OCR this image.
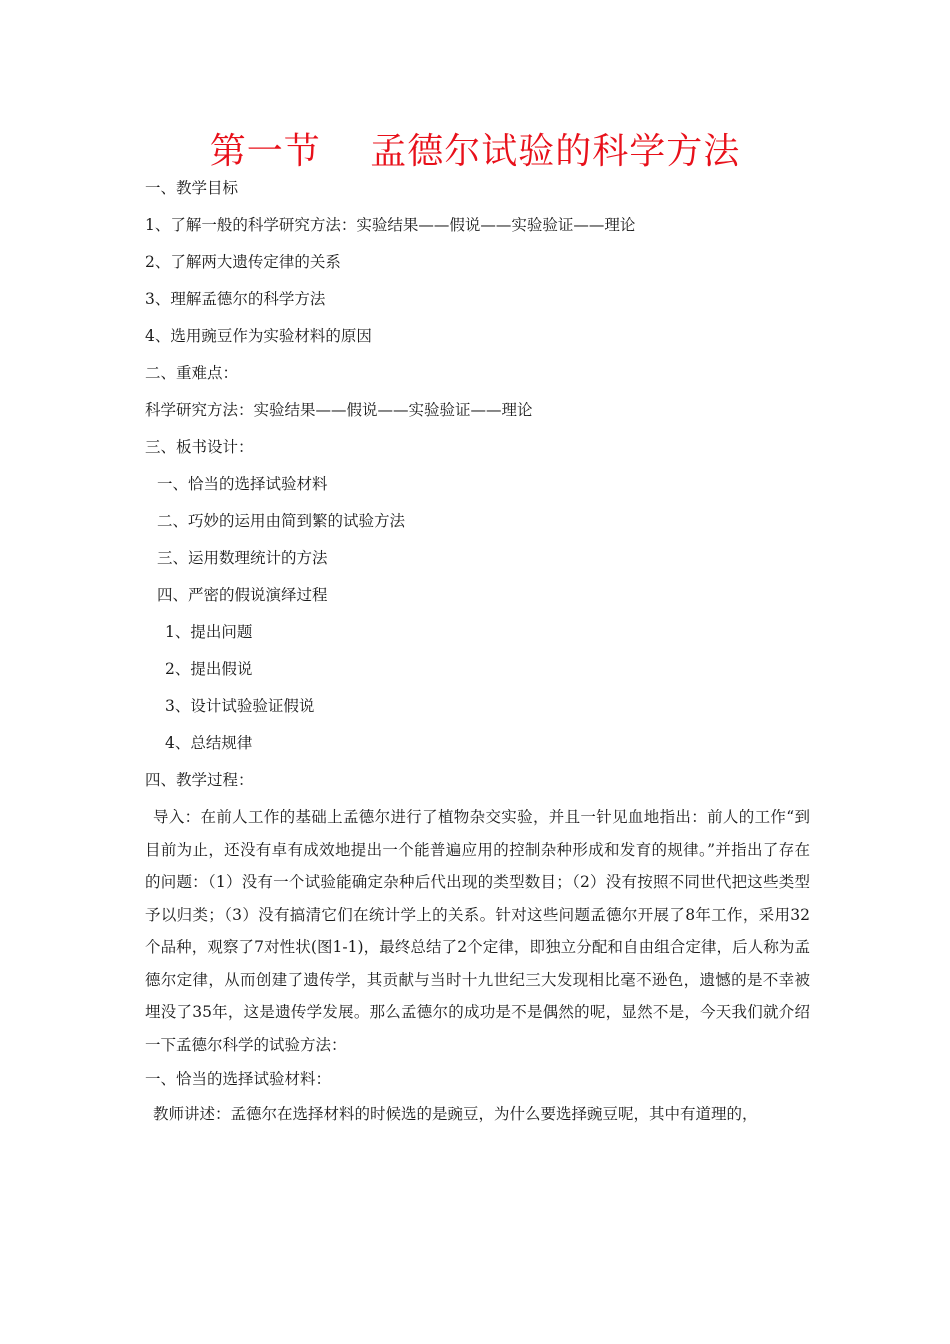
第一节　 孟德尔试验的科学方法
一、教学目标
1、了解一般的科学研究方法：实验结果——假说——实验验证——理论
2、了解两大遗传定律的关系
3、理解孟德尔的科学方法
4、选用豌豆作为实验材料的原因
二、重难点：
科学研究方法：实验结果——假说——实验验证——理论
三、板书设计：
一、恰当的选择试验材料
二、巧妙的运用由简到繁的试验方法
三、运用数理统计的方法
四、严密的假说演绎过程
1、提出问题
2、提出假说
3、设计试验验证假说
4、总结规律
四、教学过程：
导入：在前人工作的基础上孟德尔进行了植物杂交实验，并且一针见血地指出：前人的工作“到目前为止，还没有卓有成效地提出一个能普遍应用的控制杂种形成和发育的规律。”并指出了存在的问题：（1）没有一个试验能确定杂种后代出现的类型数目；（2）没有按照不同世代把这些类型予以归类；（3）没有搞清它们在统计学上的关系。针对这些问题孟德尔开展了8年工作，采用32个品种，观察了7对性状(图1-1)，最终总结了2个定律，即独立分配和自由组合定律，后人称为孟德尔定律，从而创建了遗传学，其贡献与当时十九世纪三大发现相比毫不逊色，遗憾的是不幸被埋没了35年，这是遗传学发展。那么孟德尔的成功是不是偶然的呢，显然不是，今天我们就介绍一下孟德尔科学的试验方法：
一、恰当的选择试验材料：
教师讲述：孟德尔在选择材料的时候选的是豌豆，为什么要选择豌豆呢，其中有道理的，
